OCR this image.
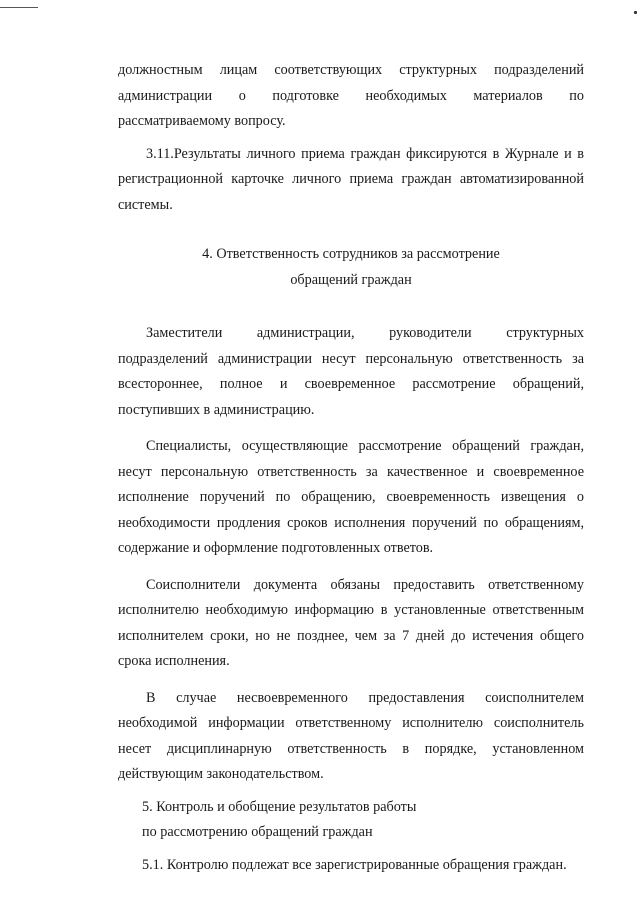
должностным лицам соответствующих структурных подразделений
администрации о подготовке необходимых материалов по
рассматриваемому вопросу.
3.11.Результаты личного приема граждан фиксируются в Журнале и в
регистрационной карточке личного приема граждан автоматизированной
системы.
4. Ответственность сотрудников за рассмотрение
обращений граждан
Заместители администрации, руководители структурных
подразделений администрации несут персональную ответственность за
всестороннее, полное и своевременное рассмотрение обращений,
поступивших в администрацию.
Специалисты, осуществляющие рассмотрение обращений граждан,
несут персональную ответственность за качественное и своевременное
исполнение поручений по обращению, своевременность извещения о
необходимости продления сроков исполнения поручений по обращениям,
содержание и оформление подготовленных ответов.
Соисполнители документа обязаны предоставить ответственному
исполнителю необходимую информацию в установленные ответственным
исполнителем сроки, но не позднее, чем за 7 дней до истечения общего
срока исполнения.
В случае несвоевременного предоставления соисполнителем
необходимой информации ответственному исполнителю соисполнитель
несет дисциплинарную ответственность в порядке, установленном
действующим законодательством.
5. Контроль и обобщение результатов работы
по рассмотрению обращений граждан
5.1. Контролю подлежат все зарегистрированные обращения граждан.
